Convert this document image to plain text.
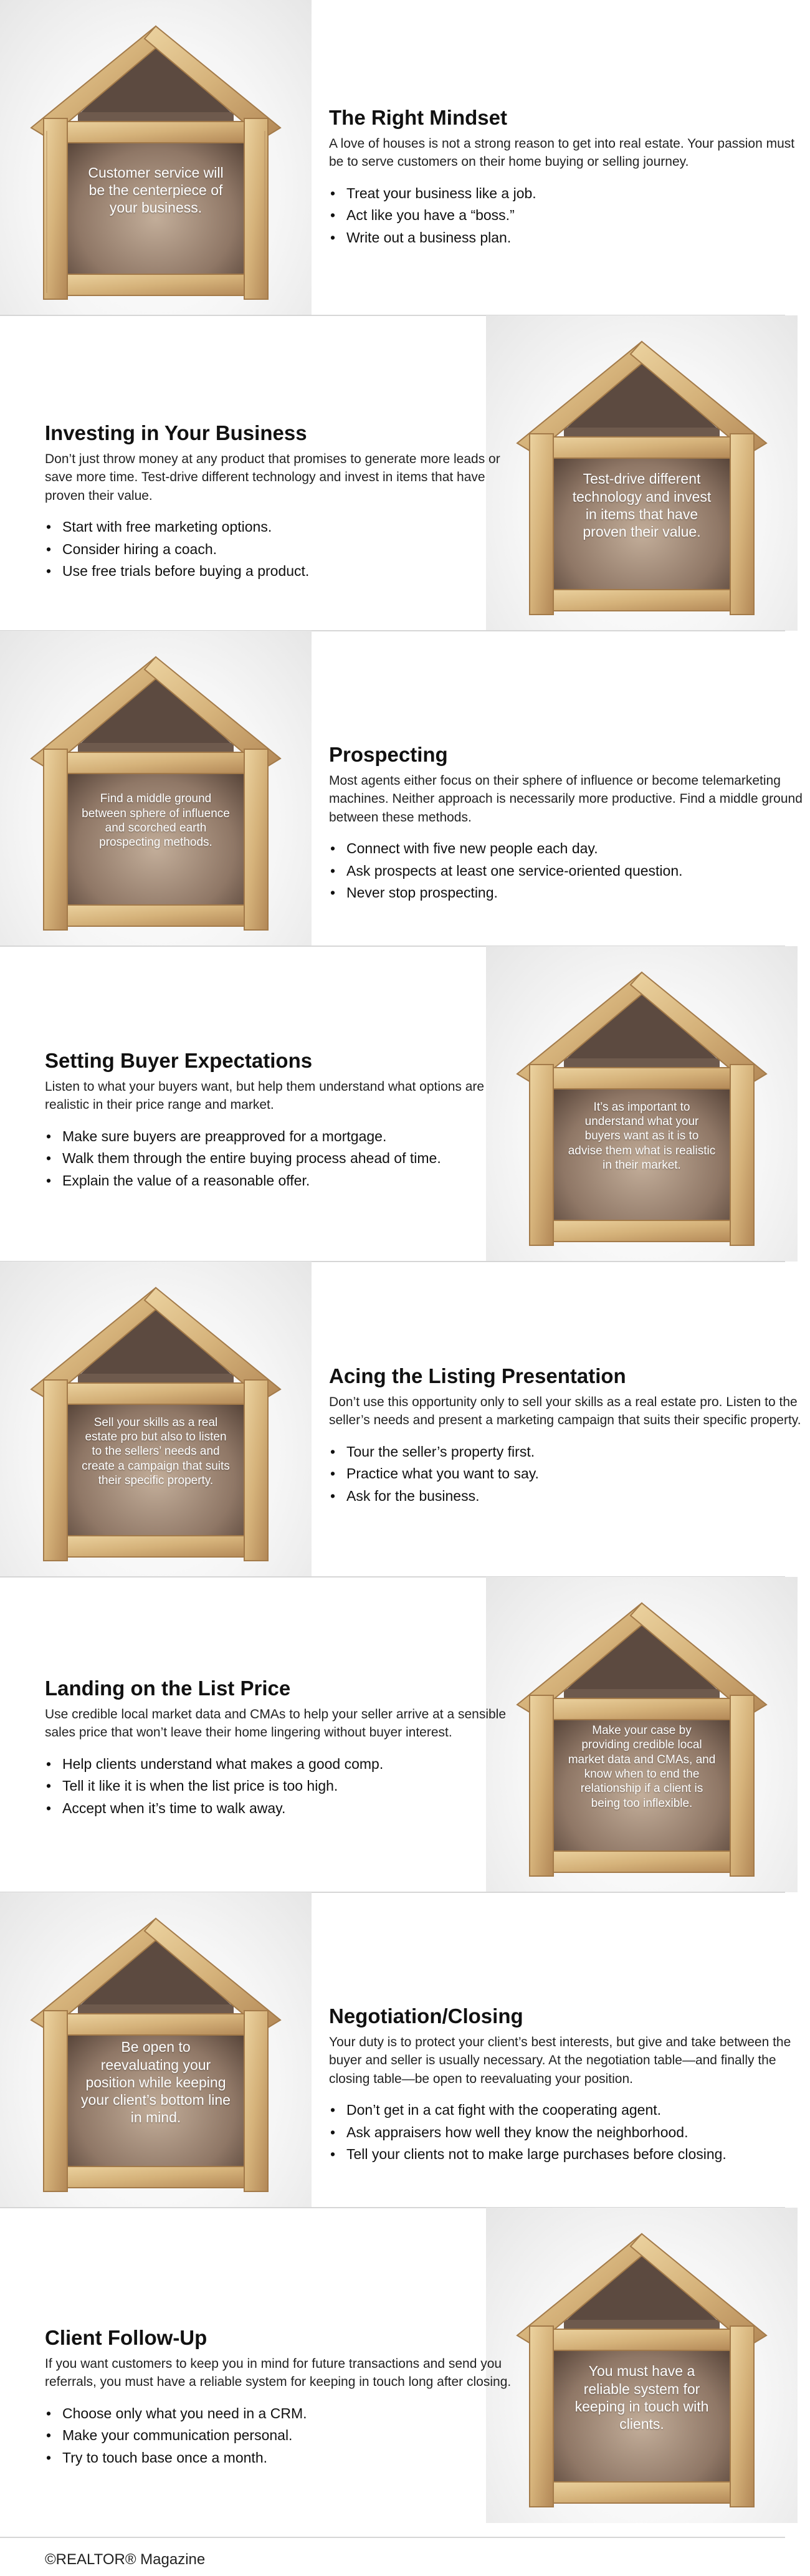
Customer service will be the centerpiece of your business.
The Right Mindset

A love of houses is not a strong reason to get into real estate. Your passion must be to serve customers on their home buying or selling journey.

• Treat your business like a job.
• Act like you have a “boss.”
• Write out a business plan.
Test-drive different technology and invest in items that have proven their value.
Investing in Your Business

Don’t just throw money at any product that promises to generate more leads or save more time. Test-drive different technology and invest in items that have proven their value.

• Start with free marketing options.
• Consider hiring a coach.
• Use free trials before buying a product.
Find a middle ground between sphere of influence and scorched earth prospecting methods.
Prospecting

Most agents either focus on their sphere of influence or become telemarketing machines. Neither approach is necessarily more productive. Find a middle ground between these methods.

• Connect with five new people each day.
• Ask prospects at least one service-oriented question.
• Never stop prospecting.
It’s as important to understand what your buyers want as it is to advise them what is realistic in their market.
Setting Buyer Expectations

Listen to what your buyers want, but help them understand what options are realistic in their price range and market.

• Make sure buyers are preapproved for a mortgage.
• Walk them through the entire buying process ahead of time.
• Explain the value of a reasonable offer.
Sell your skills as a real estate pro but also to listen to the sellers’ needs and create a campaign that suits their specific property.
Acing the Listing Presentation

Don’t use this opportunity only to sell your skills as a real estate pro. Listen to the seller’s needs and present a marketing campaign that suits their specific property.

• Tour the seller’s property first.
• Practice what you want to say.
• Ask for the business.
Make your case by providing credible local market data and CMAs, and know when to end the relationship if a client is being too inflexible.
Landing on the List Price

Use credible local market data and CMAs to help your seller arrive at a sensible sales price that won’t leave their home lingering without buyer interest.

• Help clients understand what makes a good comp.
• Tell it like it is when the list price is too high.
• Accept when it’s time to walk away.
Be open to reevaluating your position while keeping your client’s bottom line in mind.
Negotiation/Closing

Your duty is to protect your client’s best interests, but give and take between the buyer and seller is usually necessary. At the negotiation table—and finally the closing table—be open to reevaluating your position.

• Don’t get in a cat fight with the cooperating agent.
• Ask appraisers how well they know the neighborhood.
• Tell your clients not to make large purchases before closing.
You must have a reliable system for keeping in touch with clients.
Client Follow-Up

If you want customers to keep you in mind for future transactions and send you referrals, you must have a reliable system for keeping in touch long after closing.

• Choose only what you need in a CRM.
• Make your communication personal.
• Try to touch base once a month.
©REALTOR® Magazine
